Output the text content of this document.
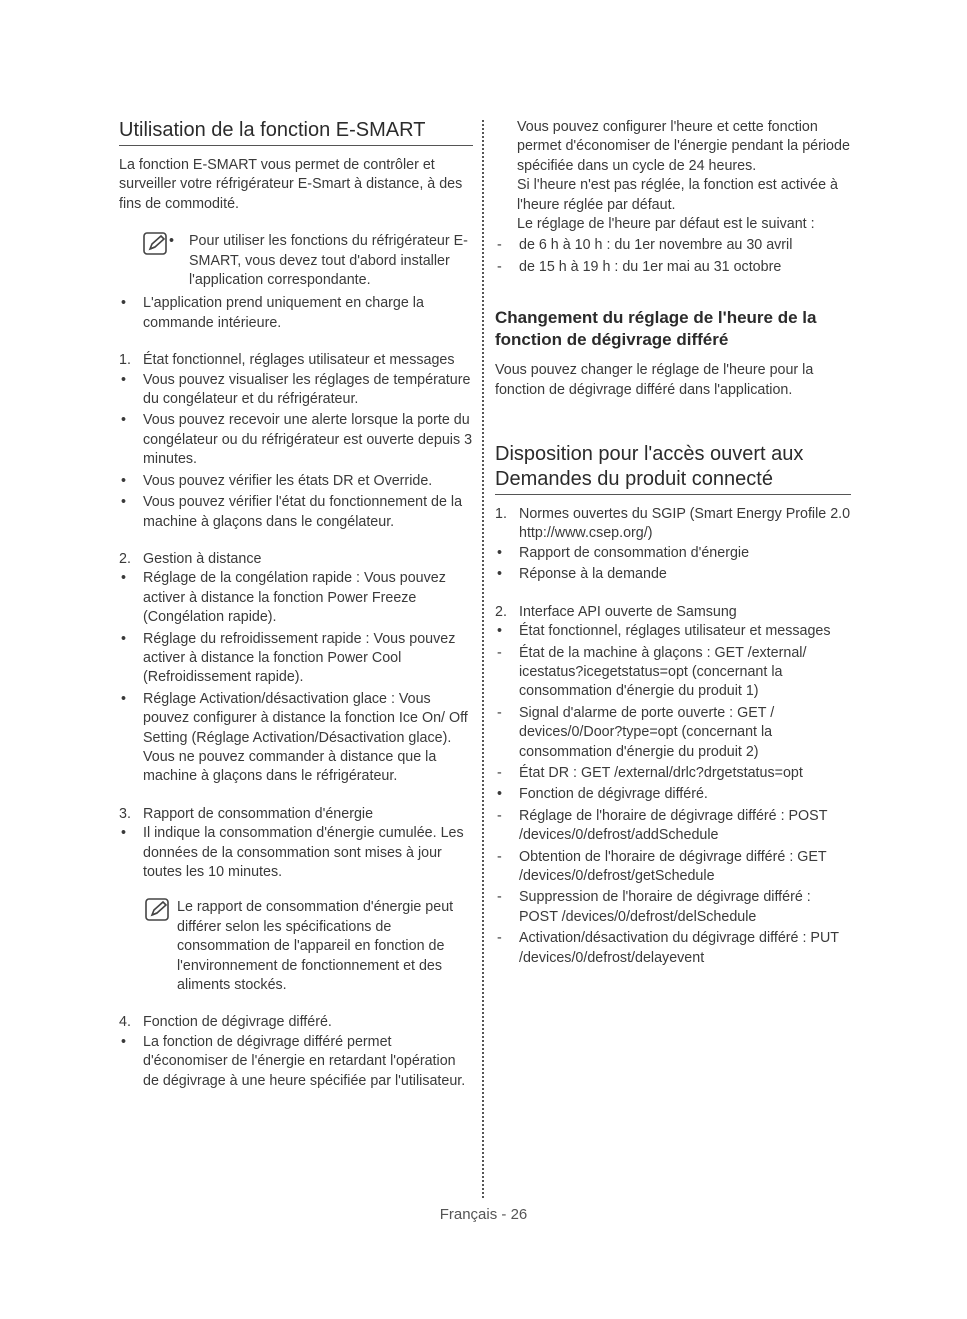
Utilisation de la fonction E-SMART

La fonction E-SMART vous permet de contrôler et surveiller votre réfrigérateur E-Smart à distance, à des fins de commodité.

• Pour utiliser les fonctions du réfrigérateur E-SMART, vous devez tout d'abord installer l'application correspondante.
•	L'application prend uniquement en charge la commande intérieure.
1. État fonctionnel, réglages utilisateur et messages
•	Vous pouvez visualiser les réglages de température du congélateur et du réfrigérateur.
•	Vous pouvez recevoir une alerte lorsque la porte du congélateur ou du réfrigérateur est ouverte depuis 3 minutes.
•	Vous pouvez vérifier les états DR et Override.
•	Vous pouvez vérifier l'état du fonctionnement de la machine à glaçons dans le congélateur.
2. Gestion à distance
•	Réglage de la congélation rapide : Vous pouvez activer à distance la fonction Power Freeze (Congélation rapide).
•	Réglage du refroidissement rapide : Vous pouvez activer à distance la fonction Power Cool (Refroidissement rapide).
•	Réglage Activation/désactivation glace : Vous pouvez configurer à distance la fonction Ice On/ Off Setting (Réglage Activation/Désactivation glace).
Vous ne pouvez commander à distance que la machine à glaçons dans le réfrigérateur.
3. Rapport de consommation d'énergie
•	Il indique la consommation d'énergie cumulée. Les données de la consommation sont mises à jour toutes les 10 minutes.
Le rapport de consommation d'énergie peut différer selon les spécifications de consommation de l'appareil en fonction de l'environnement de fonctionnement et des aliments stockés.
4. Fonction de dégivrage différé.
•	La fonction de dégivrage différé permet d'économiser de l'énergie en retardant l'opération de dégivrage à une heure spécifiée par l'utilisateur.

Vous pouvez configurer l'heure et cette fonction permet d'économiser de l'énergie pendant la période spécifiée dans un cycle de 24 heures.

Si l'heure n'est pas réglée, la fonction est activée à l'heure réglée par défaut.

Le réglage de l'heure par défaut est le suivant :

-	de 6 h à 10 h : du 1er novembre au 30 avril
-	de 15 h à 19 h : du 1er mai au 31 octobre
Changement du réglage de l'heure de la fonction de dégivrage différé

Vous pouvez changer le réglage de l'heure pour la fonction de dégivrage différé dans l'application.

Disposition pour l'accès ouvert aux Demandes du produit connecté
1. Normes ouvertes du SGIP (Smart Energy Profile 2.0 http://www.csep.org/)
•	Rapport de consommation d'énergie
•	Réponse à la demande
2. Interface API ouverte de Samsung
•	État fonctionnel, réglages utilisateur et messages
-	État de la machine à glaçons : GET /external/ icestatus?icegetstatus=opt (concernant la consommation d'énergie du produit 1)
-	Signal d'alarme de porte ouverte : GET / devices/0/Door?type=opt (concernant la consommation d'énergie du produit 2)
-	État DR : GET /external/drlc?drgetstatus=opt
•	Fonction de dégivrage différé.
-	Réglage de l'horaire de dégivrage différé : POST /devices/0/defrost/addSchedule
-	Obtention de l'horaire de dégivrage différé : GET /devices/0/defrost/getSchedule
-	Suppression de l'horaire de dégivrage différé : POST /devices/0/defrost/delSchedule
-	Activation/désactivation du dégivrage différé : PUT /devices/0/defrost/delayevent
Français - 26
